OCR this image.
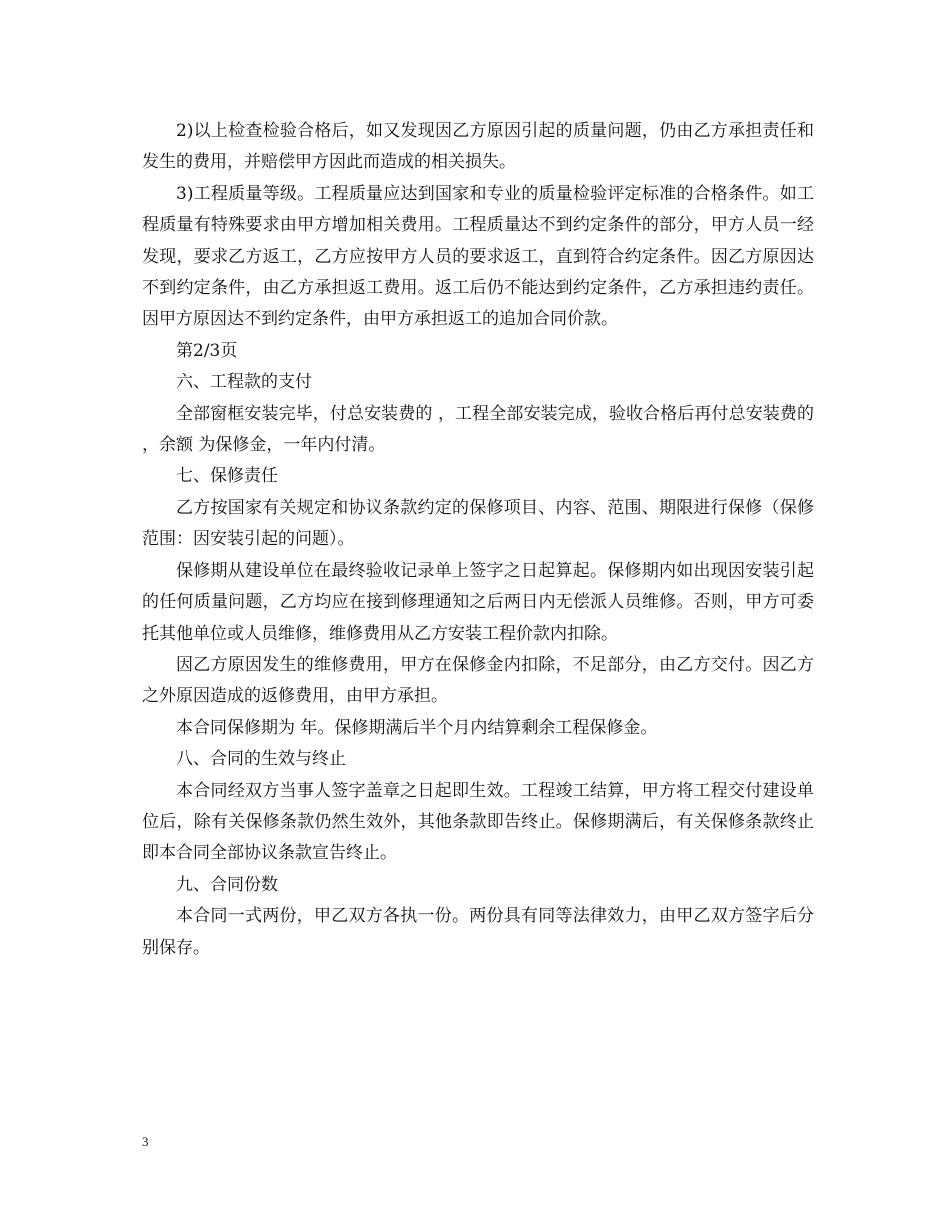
2)以上检查检验合格后，如又发现因乙方原因引起的质量问题，仍由乙方承担责任和发生的费用，并赔偿甲方因此而造成的相关损失。

3)工程质量等级。工程质量应达到国家和专业的质量检验评定标准的合格条件。如工程质量有特殊要求由甲方增加相关费用。工程质量达不到约定条件的部分，甲方人员一经发现，要求乙方返工，乙方应按甲方人员的要求返工，直到符合约定条件。因乙方原因达不到约定条件，由乙方承担返工费用。返工后仍不能达到约定条件，乙方承担违约责任。因甲方原因达不到约定条件，由甲方承担返工的追加合同价款。

第2/3页

六、工程款的支付

全部窗框安装完毕，付总安装费的 ，工程全部安装完成，验收合格后再付总安装费的 ，余额 为保修金，一年内付清。

七、保修责任

乙方按国家有关规定和协议条款约定的保修项目、内容、范围、期限进行保修（保修范围：因安装引起的问题）。

保修期从建设单位在最终验收记录单上签字之日起算起。保修期内如出现因安装引起的任何质量问题，乙方均应在接到修理通知之后两日内无偿派人员维修。否则，甲方可委托其他单位或人员维修，维修费用从乙方安装工程价款内扣除。

因乙方原因发生的维修费用，甲方在保修金内扣除，不足部分，由乙方交付。因乙方之外原因造成的返修费用，由甲方承担。

本合同保修期为 年。保修期满后半个月内结算剩余工程保修金。

八、合同的生效与终止

本合同经双方当事人签字盖章之日起即生效。工程竣工结算，甲方将工程交付建设单位后，除有关保修条款仍然生效外，其他条款即告终止。保修期满后，有关保修条款终止即本合同全部协议条款宣告终止。

九、合同份数

本合同一式两份，甲乙双方各执一份。两份具有同等法律效力，由甲乙双方签字后分别保存。

3
